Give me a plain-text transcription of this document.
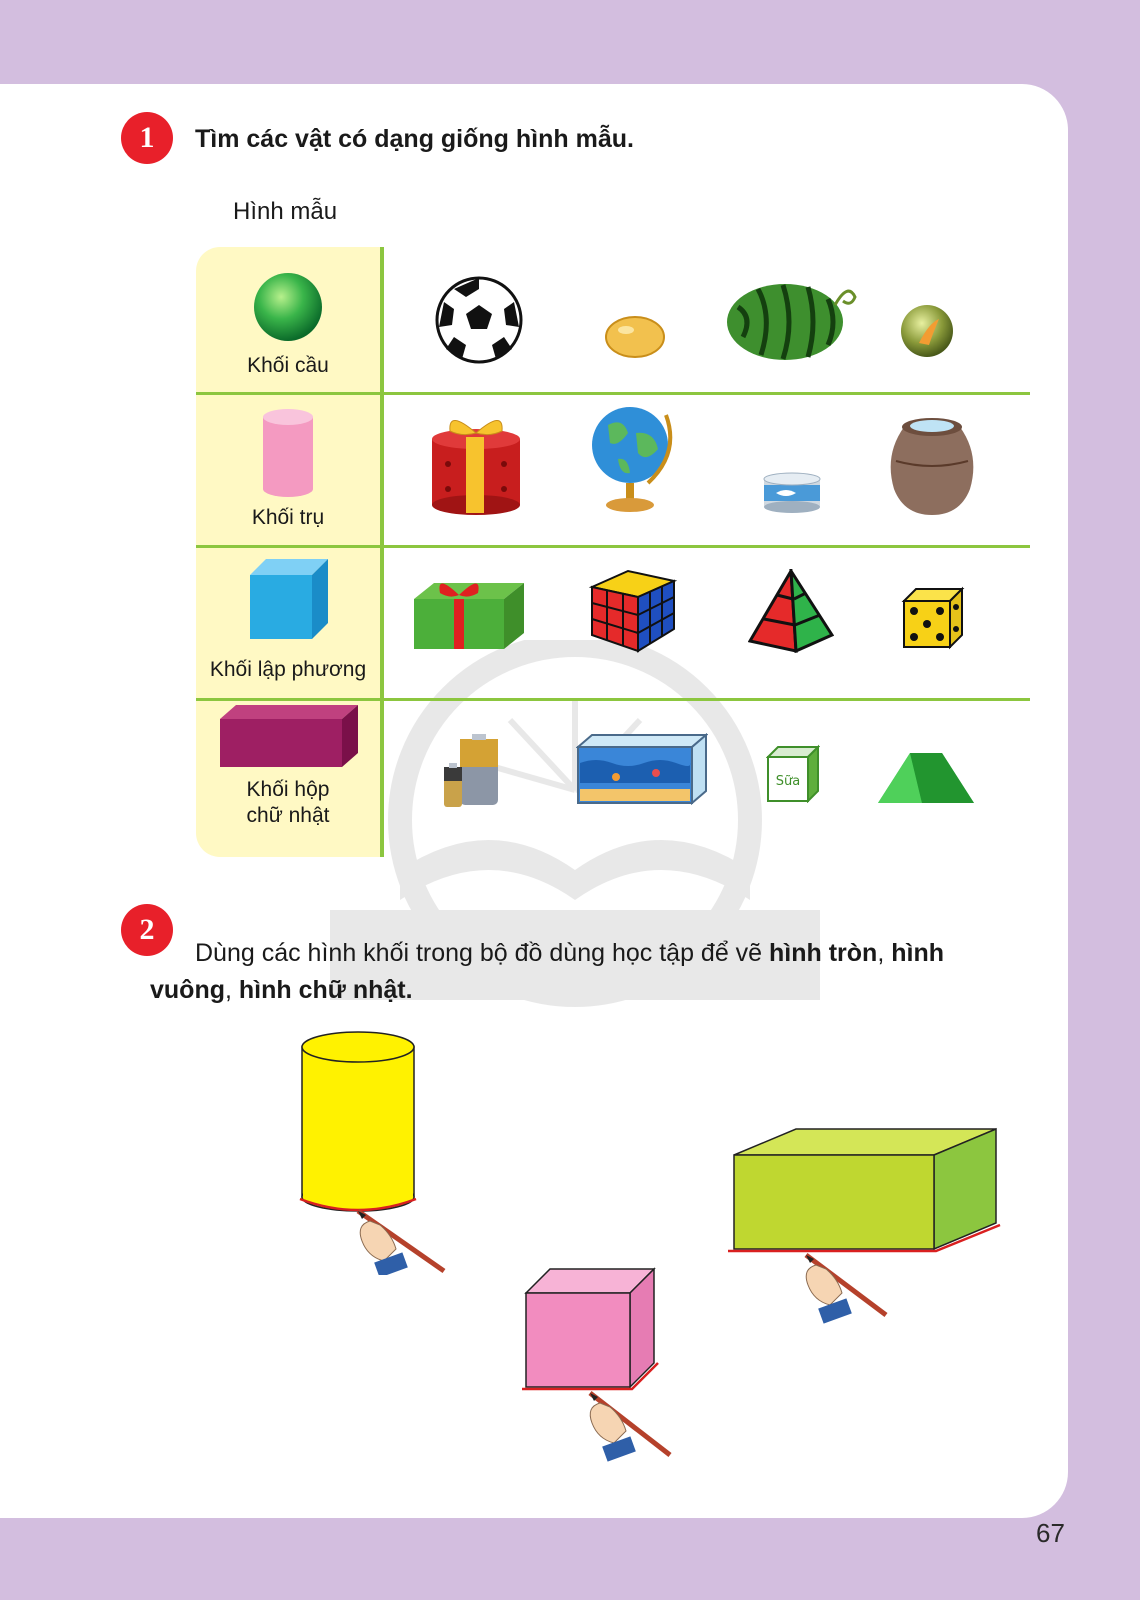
1	Tìm các vật có dạng giống hình mẫu.
Hình mẫu
Khối cầu
Khối trụ
Khối lập phương
Khối hộp
chữ nhật
Sữa
2

Dùng các hình khối trong bộ đồ dùng học tập để vẽ hình tròn, hình vuông, hình chữ nhật.

67
